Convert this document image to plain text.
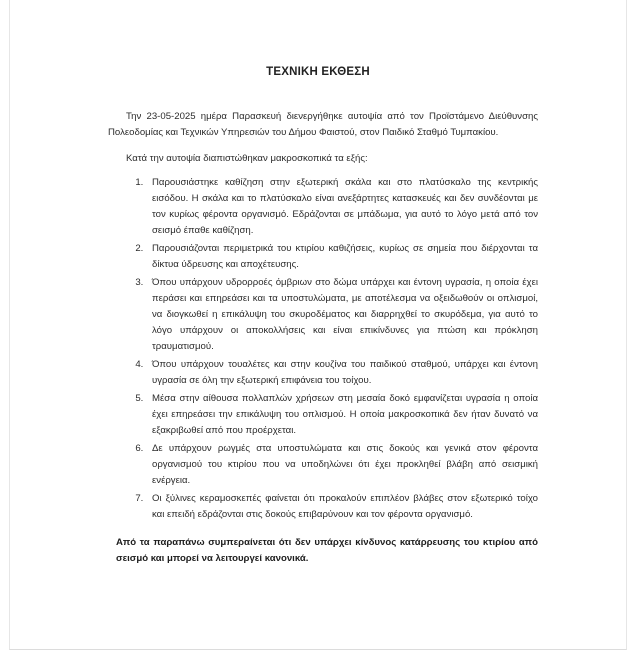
ΤΕΧΝΙΚΗ ΕΚΘΕΣΗ

Την 23-05-2025 ημέρα Παρασκευή διενεργήθηκε αυτοψία από τον Προϊστάμενο Διεύθυνσης Πολεοδομίας και Τεχνικών Υπηρεσιών του Δήμου Φαιστού, στον Παιδικό Σταθμό Τυμπακίου.

Κατά την αυτοψία διαπιστώθηκαν μακροσκοπικά τα εξής:

1. Παρουσιάστηκε καθίζηση στην εξωτερική σκάλα και στο πλατύσκαλο της κεντρικής εισόδου. Η σκάλα και το πλατύσκαλο είναι ανεξάρτητες κατασκευές και δεν συνδέονται με τον κυρίως φέροντα οργανισμό. Εδράζονται σε μπάδωμα, για αυτό το λόγο μετά από τον σεισμό έπαθε καθίζηση.
2. Παρουσιάζονται περιμετρικά του κτιρίου καθιζήσεις, κυρίως σε σημεία που διέρχονται τα δίκτυα ύδρευσης και αποχέτευσης.
3. Όπου υπάρχουν υδρορροές όμβριων στο δώμα υπάρχει και έντονη υγρασία, η οποία έχει περάσει και επηρεάσει και τα υποστυλώματα, με αποτέλεσμα να οξειδωθούν οι οπλισμοί, να διογκωθεί η επικάλυψη του σκυροδέματος και διαρρηχθεί το σκυρόδεμα, για αυτό το λόγο υπάρχουν οι αποκολλήσεις και είναι επικίνδυνες για πτώση και πρόκληση τραυματισμού.
4. Όπου υπάρχουν τουαλέτες και στην κουζίνα του παιδικού σταθμού, υπάρχει και έντονη υγρασία σε όλη την εξωτερική επιφάνεια του τοίχου.
5. Μέσα στην αίθουσα πολλαπλών χρήσεων στη μεσαία δοκό εμφανίζεται υγρασία η οποία έχει επηρεάσει την επικάλυψη του οπλισμού. Η οποία μακροσκοπικά δεν ήταν δυνατό να εξακριβωθεί από που προέρχεται.
6. Δε υπάρχουν ρωγμές στα υποστυλώματα και στις δοκούς και γενικά στον φέροντα οργανισμού του κτιρίου που να υποδηλώνει ότι έχει προκληθεί βλάβη από σεισμική ενέργεια.
7. Οι ξύλινες κεραμοσκεπές φαίνεται ότι προκαλούν επιπλέον βλάβες στον εξωτερικό τοίχο και επειδή εδράζονται στις δοκούς επιβαρύνουν και τον φέροντα οργανισμό.

Από τα παραπάνω συμπεραίνεται ότι δεν υπάρχει κίνδυνος κατάρρευσης του κτιρίου από σεισμό και μπορεί να λειτουργεί κανονικά.
